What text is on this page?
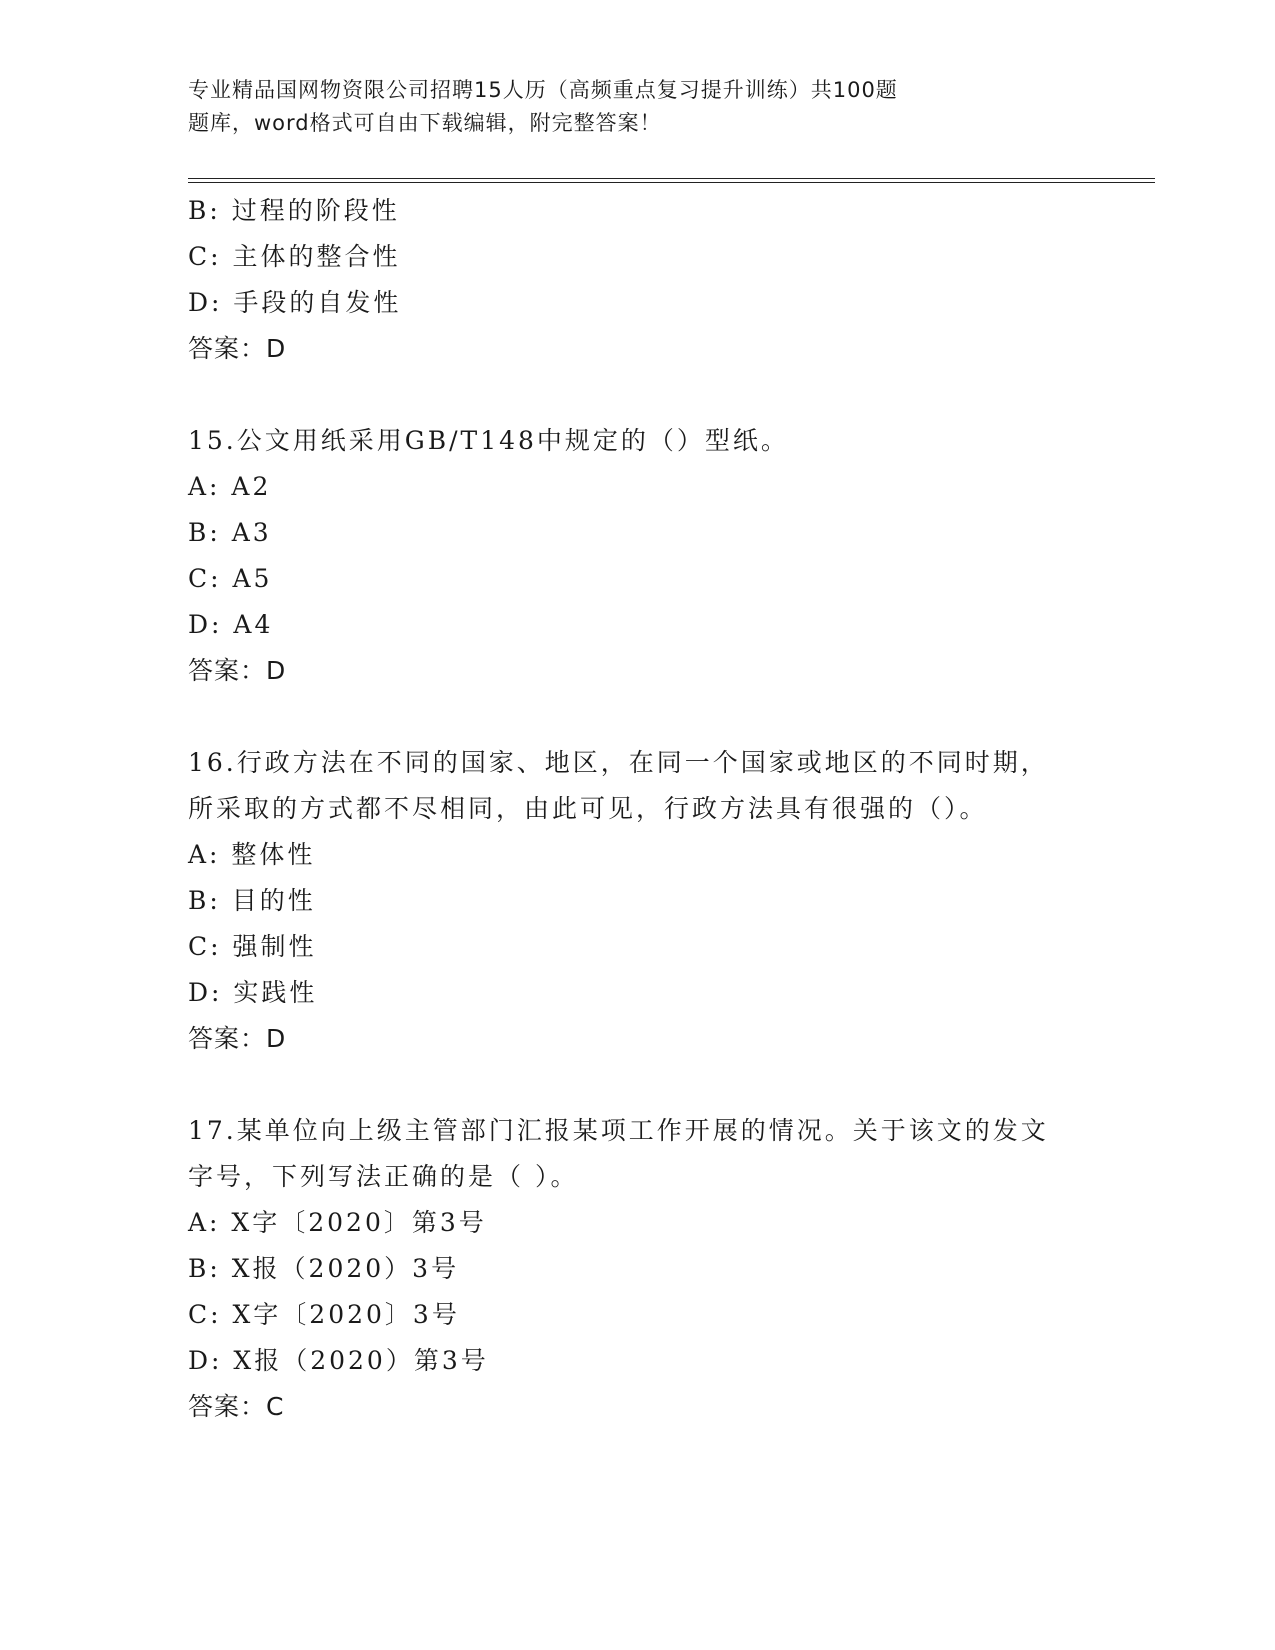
专业精品国网物资限公司招聘15人历（高频重点复习提升训练）共100题
题库，word格式可自由下载编辑，附完整答案！
B: 过程的阶段性
C: 主体的整合性
D: 手段的自发性
答案：D
15.公文用纸采用GB/T148中规定的（）型纸。
A: A2
B: A3
C: A5
D: A4
答案：D
16.行政方法在不同的国家、地区，在同一个国家或地区的不同时期，
所采取的方式都不尽相同，由此可见，行政方法具有很强的（）。
A: 整体性
B: 目的性
C: 强制性
D: 实践性
答案：D
17.某单位向上级主管部门汇报某项工作开展的情况。关于该文的发文
字号，下列写法正确的是（ ）。
A: X字〔2020〕第3号
B: X报（2020）3号
C: X字〔2020〕3号
D: X报（2020）第3号
答案：C
